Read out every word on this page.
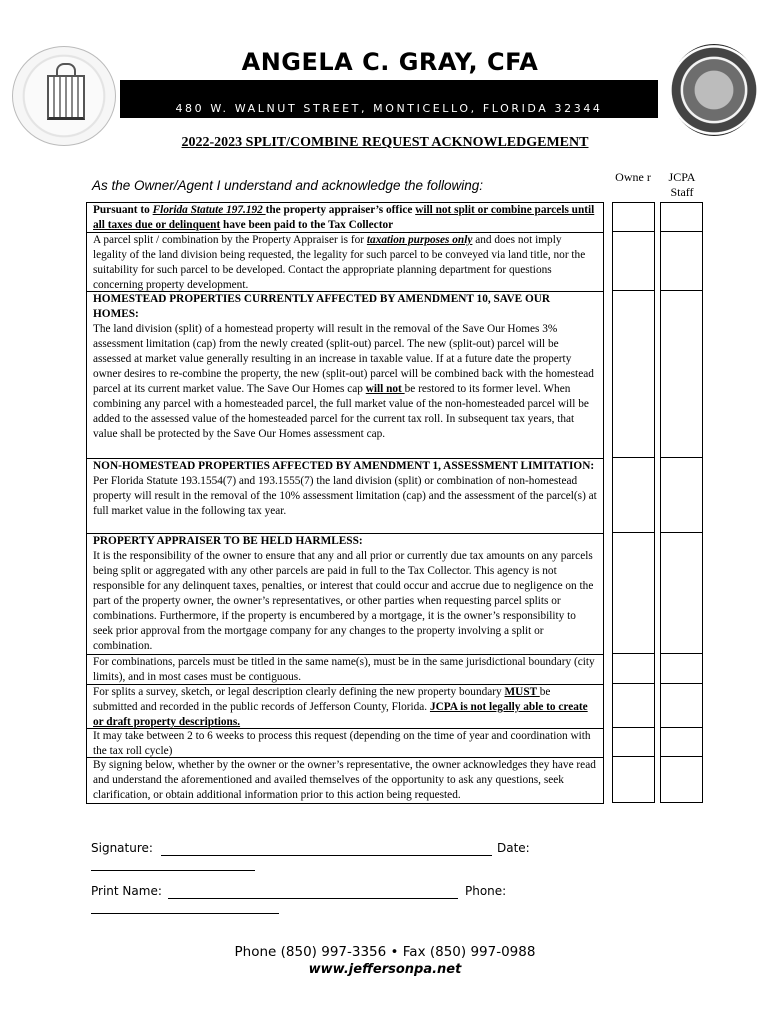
ANGELA C. GRAY, CFA
480 W. WALNUT STREET, MONTICELLO, FLORIDA 32344
2022-2023 SPLIT/COMBINE REQUEST ACKNOWLEDGEMENT
As the Owner/Agent I understand and acknowledge the following:
Owne r	JCPA Staff
Pursuant to Florida Statute 197.192 the property appraiser’s office will not split or combine parcels until all taxes due or delinquent have been paid to the Tax Collector
A parcel split / combination by the Property Appraiser is for taxation purposes only and does not imply legality of the land division being requested, the legality for such parcel to be conveyed via land title, nor the suitability for such parcel to be developed. Contact the appropriate planning department for questions concerning property development.
HOMESTEAD PROPERTIES CURRENTLY AFFECTED BY AMENDMENT 10, SAVE OUR HOMES:
The land division (split) of a homestead property will result in the removal of the Save Our Homes 3% assessment limitation (cap) from the newly created (split-out) parcel. The new (split-out) parcel will be assessed at market value generally resulting in an increase in taxable value. If at a future date the property owner desires to re-combine the property, the new (split-out) parcel will be combined back with the homestead parcel at its current market value. The Save Our Homes cap will not be restored to its former level. When combining any parcel with a homesteaded parcel, the full market value of the non-homesteaded parcel will be added to the assessed value of the homesteaded parcel for the current tax roll. In subsequent tax years, that value shall be protected by the Save Our Homes assessment cap.
NON-HOMESTEAD PROPERTIES AFFECTED BY AMENDMENT 1, ASSESSMENT LIMITATION:
Per Florida Statute 193.1554(7) and 193.1555(7) the land division (split) or combination of non-homestead property will result in the removal of the 10% assessment limitation (cap) and the assessment of the parcel(s) at full market value in the following tax year.
PROPERTY APPRAISER TO BE HELD HARMLESS:
It is the responsibility of the owner to ensure that any and all prior or currently due tax amounts on any parcels being split or aggregated with any other parcels are paid in full to the Tax Collector. This agency is not responsible for any delinquent taxes, penalties, or interest that could occur and accrue due to negligence on the part of the property owner, the owner’s representatives, or other parties when requesting parcel splits or combinations. Furthermore, if the property is encumbered by a mortgage, it is the owner’s responsibility to seek prior approval from the mortgage company for any changes to the property involving a split or combination.
For combinations, parcels must be titled in the same name(s), must be in the same jurisdictional boundary (city limits), and in most cases must be contiguous.
For splits a survey, sketch, or legal description clearly defining the new property boundary MUST be submitted and recorded in the public records of Jefferson County, Florida. JCPA is not legally able to create or draft property descriptions.
It may take between 2 to 6 weeks to process this request (depending on the time of year and coordination with the tax roll cycle)
By signing below, whether by the owner or the owner’s representative, the owner acknowledges they have read and understand the aforementioned and availed themselves of the opportunity to ask any questions, seek clarification, or obtain additional information prior to this action being requested.
Signature:	Date:
Print Name:	Phone:
Phone (850) 997-3356 • Fax (850) 997-0988
www.jeffersonpa.net
